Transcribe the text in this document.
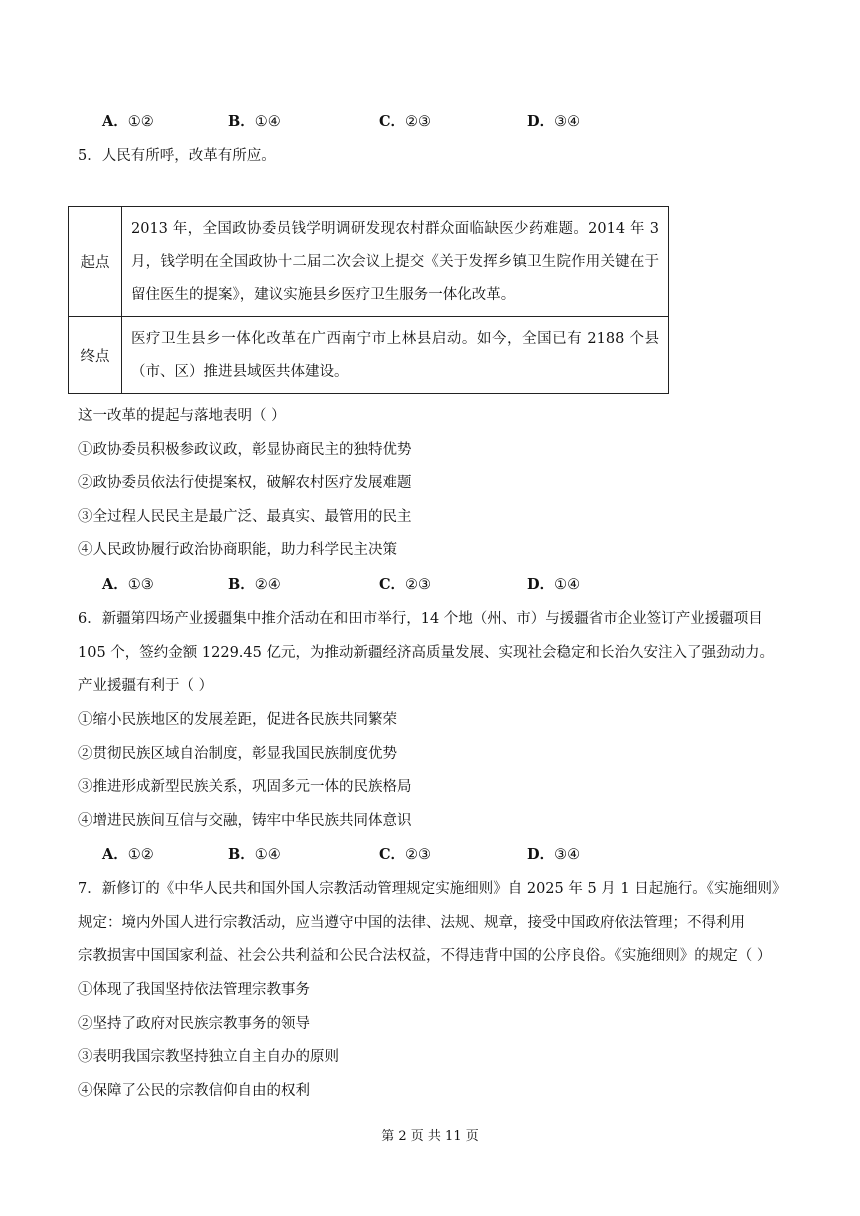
A．①②	B．①④	C．②③	D．③④
5．人民有所呼，改革有所应。
起点	2013 年，全国政协委员钱学明调研发现农村群众面临缺医少药难题。2014 年 3 月，钱学明在全国政协十二届二次会议上提交《关于发挥乡镇卫生院作用关键在于留住医生的提案》，建议实施县乡医疗卫生服务一体化改革。
终点	医疗卫生县乡一体化改革在广西南宁市上林县启动。如今，全国已有 2188 个县（市、区）推进县域医共体建设。
这一改革的提起与落地表明（ ）
①政协委员积极参政议政，彰显协商民主的独特优势
②政协委员依法行使提案权，破解农村医疗发展难题
③全过程人民民主是最广泛、最真实、最管用的民主
④人民政协履行政治协商职能，助力科学民主决策
A．①③	B．②④	C．②③	D．①④
6．新疆第四场产业援疆集中推介活动在和田市举行，14 个地（州、市）与援疆省市企业签订产业援疆项目
105 个，签约金额 1229.45 亿元，为推动新疆经济高质量发展、实现社会稳定和长治久安注入了强劲动力。
产业援疆有利于（ ）
①缩小民族地区的发展差距，促进各民族共同繁荣
②贯彻民族区域自治制度，彰显我国民族制度优势
③推进形成新型民族关系，巩固多元一体的民族格局
④增进民族间互信与交融，铸牢中华民族共同体意识
A．①②	B．①④	C．②③	D．③④
7．新修订的《中华人民共和国外国人宗教活动管理规定实施细则》自 2025 年 5 月 1 日起施行。《实施细则》
规定：境内外国人进行宗教活动，应当遵守中国的法律、法规、规章，接受中国政府依法管理；不得利用
宗教损害中国国家利益、社会公共利益和公民合法权益，不得违背中国的公序良俗。《实施细则》的规定（ ）
①体现了我国坚持依法管理宗教事务
②坚持了政府对民族宗教事务的领导
③表明我国宗教坚持独立自主自办的原则
④保障了公民的宗教信仰自由的权利
第 2 页 共 11 页
